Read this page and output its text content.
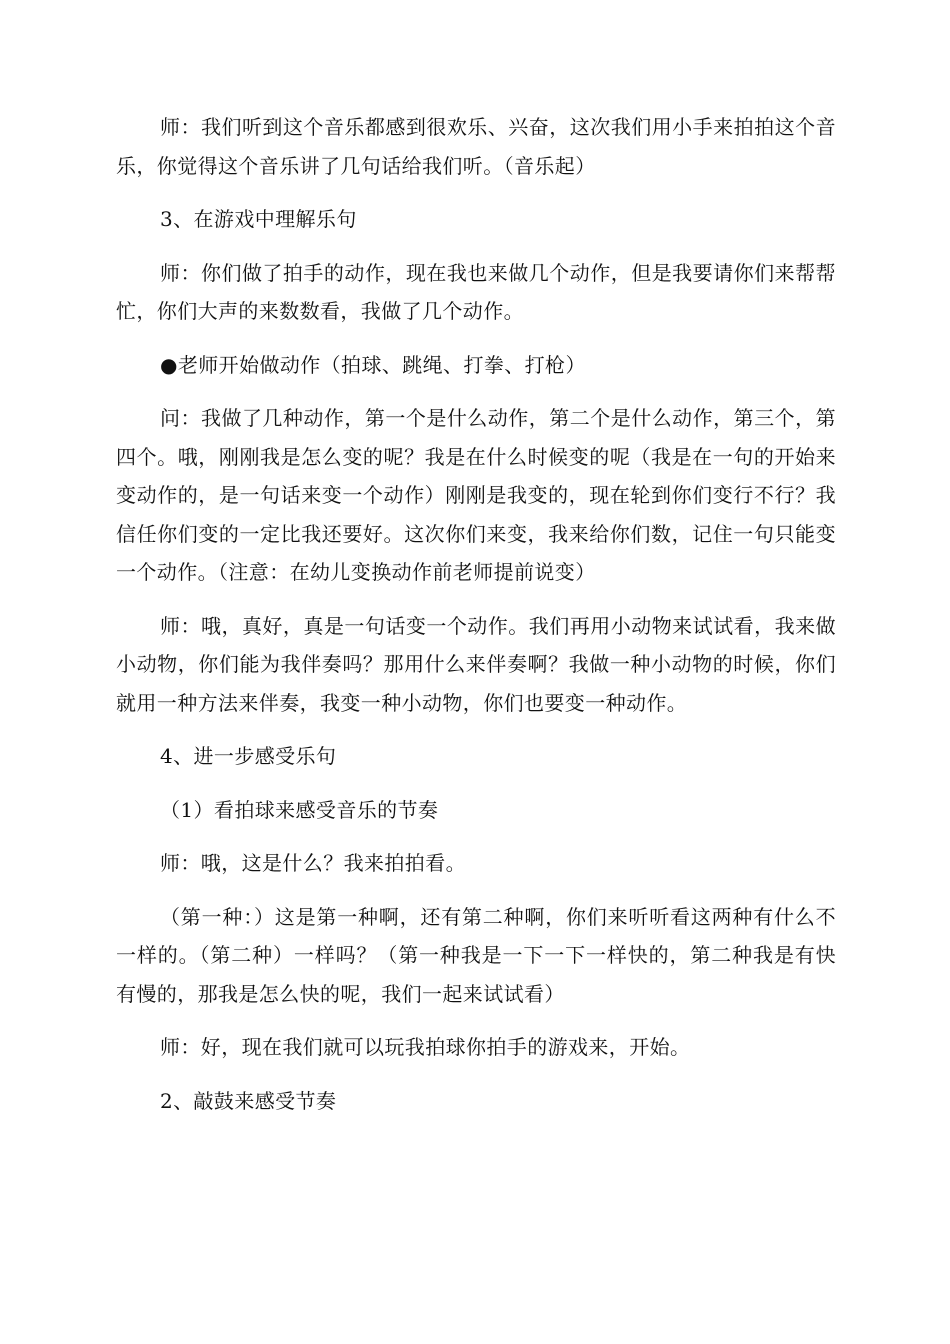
师：我们听到这个音乐都感到很欢乐、兴奋，这次我们用小手来拍拍这个音乐，你觉得这个音乐讲了几句话给我们听。（音乐起）

3、在游戏中理解乐句

师：你们做了拍手的动作，现在我也来做几个动作，但是我要请你们来帮帮忙，你们大声的来数数看，我做了几个动作。

●老师开始做动作（拍球、跳绳、打拳、打枪）

问：我做了几种动作，第一个是什么动作，第二个是什么动作，第三个，第四个。哦，刚刚我是怎么变的呢？我是在什么时候变的呢（我是在一句的开始来变动作的，是一句话来变一个动作）刚刚是我变的，现在轮到你们变行不行？我信任你们变的一定比我还要好。这次你们来变，我来给你们数，记住一句只能变一个动作。（注意：在幼儿变换动作前老师提前说变）

师：哦，真好，真是一句话变一个动作。我们再用小动物来试试看，我来做小动物，你们能为我伴奏吗？那用什么来伴奏啊？我做一种小动物的时候，你们就用一种方法来伴奏，我变一种小动物，你们也要变一种动作。

4、进一步感受乐句

（1）看拍球来感受音乐的节奏

师：哦，这是什么？我来拍拍看。

（第一种：）这是第一种啊，还有第二种啊，你们来听听看这两种有什么不一样的。（第二种）一样吗？（第一种我是一下一下一样快的，第二种我是有快有慢的，那我是怎么快的呢，我们一起来试试看）

师：好，现在我们就可以玩我拍球你拍手的游戏来，开始。

2、敲鼓来感受节奏
